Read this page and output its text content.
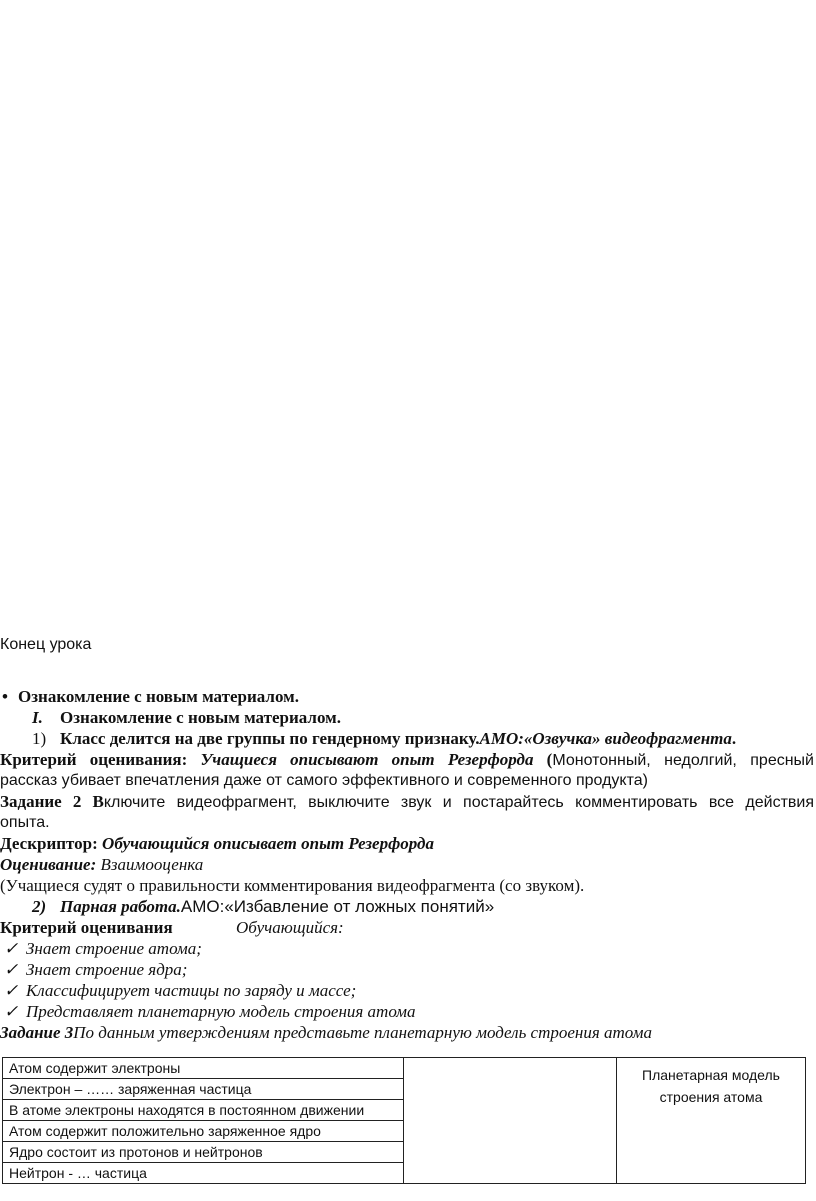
Конец урока
• Ознакомление с новым материалом.
I. Ознакомление с новым материалом.
1) Класс делится на две группы по гендерному признаку.АМО:«Озвучка» видеофрагмента.
Критерий оценивания: Учащиеся описывают опыт Резерфорда (Монотонный, недолгий, пресный
рассказ убивает впечатления даже от самого эффективного и современного продукта)
Задание 2 Включите видеофрагмент, выключите звук и постарайтесь комментировать все действия
опыта.
Дескриптор: Обучающийся описывает опыт Резерфорда
Оценивание: Взаимооценка
(Учащиеся судят о правильности комментирования видеофрагмента (со звуком).
2) Парная работа.АМО:«Избавление от ложных понятий»
Критерий оценивания	Обучающийся:
✓ Знает строение атома;
✓ Знает строение ядра;
✓ Классифицирует частицы по заряду и массе;
✓ Представляет планетарную модель строения атома
Задание 3По данным утверждениям представьте планетарную модель строения атома
Атом содержит электроны		Планетарная модель
строения атома

Электрон – …… заряженная частица
В атоме электроны находятся в постоянном движении
Атом содержит положительно заряженное ядро
Ядро состоит из протонов и нейтронов
Нейтрон - … частица
